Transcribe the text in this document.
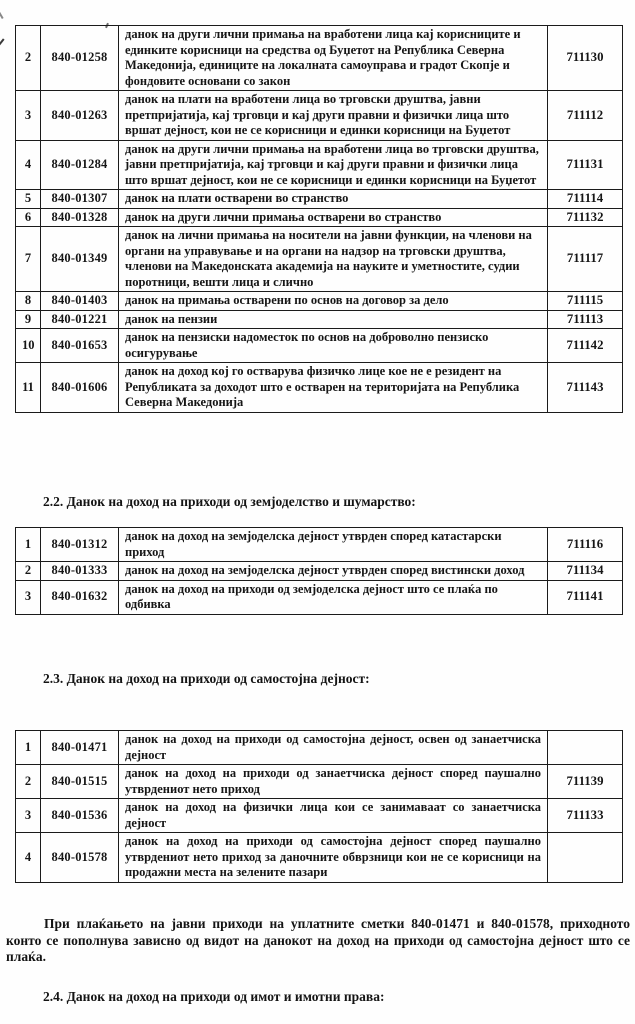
2	840-01258	данок на други лични примања на вработени лица кај корисниците и единките корисници на средства од Буџетот на Република Северна Македонија, единиците на локалната самоуправа и градот Скопје и фондовите основани со закон	711130
3	840-01263	данок на плати на вработени лица во трговски друштва, јавни претпријатија, кај трговци и кај други правни и физички лица што вршат дејност, кои не се корисници и единки корисници на Буџетот	711112
4	840-01284	данок на други лични примања на вработени лица во трговски друштва, јавни претпријатија, кај трговци и кај други правни и физички лица што вршат дејност, кои не се корисници и единки корисници на Буџетот	711131
5	840-01307	данок на плати остварени во странство	711114
6	840-01328	данок на други лични примања остварени во странство	711132
7	840-01349	данок на лични примања на носители на јавни функции, на членови на органи на управување и на органи на надзор на трговски друштва, членови на Македонската академија на науките и уметностите, судии поротници, вешти лица и слично	711117
8	840-01403	данок на примања остварени по основ на договор за дело	711115
9	840-01221	данок на пензии	711113
10	840-01653	данок на пензиски надоместок по основ на доброволно пензиско осигурување	711142
11	840-01606	данок на доход кој го остварува физичко лице кое не е резидент на Републиката за доходот што е остварен на територијата на Република Северна Македонија	711143

2.2. Данок на доход на приходи од земјоделство и шумарство:

1	840-01312	данок на доход на земјоделска дејност утврден според катастарски приход	711116
2	840-01333	данок на доход на земјоделска дејност утврден според вистински доход	711134
3	840-01632	данок на доход на приходи од земјоделска дејност што се плаќа по одбивка	711141

2.3. Данок на доход на приходи од самостојна дејност:

1	840-01471	данок на доход на приходи од самостојна дејност, освен од занаетчиска дејност	
2	840-01515	данок на доход на приходи од занаетчиска дејност според паушално утврдениот нето приход	711139
3	840-01536	данок на доход на физички лица кои се занимаваат со занаетчиска дејност	711133
4	840-01578	данок на доход на приходи од самостојна дејност според паушално утврдениот нето приход за даночните обврзници кои не се корисници на продажни места на зелените пазари	

При плаќањето на јавни приходи на уплатните сметки 840-01471 и 840-01578, приходното конто се пополнува зависно од видот на данокот на доход на приходи од самостојна дејност што се плаќа.

2.4. Данок на доход на приходи од имот и имотни права:
